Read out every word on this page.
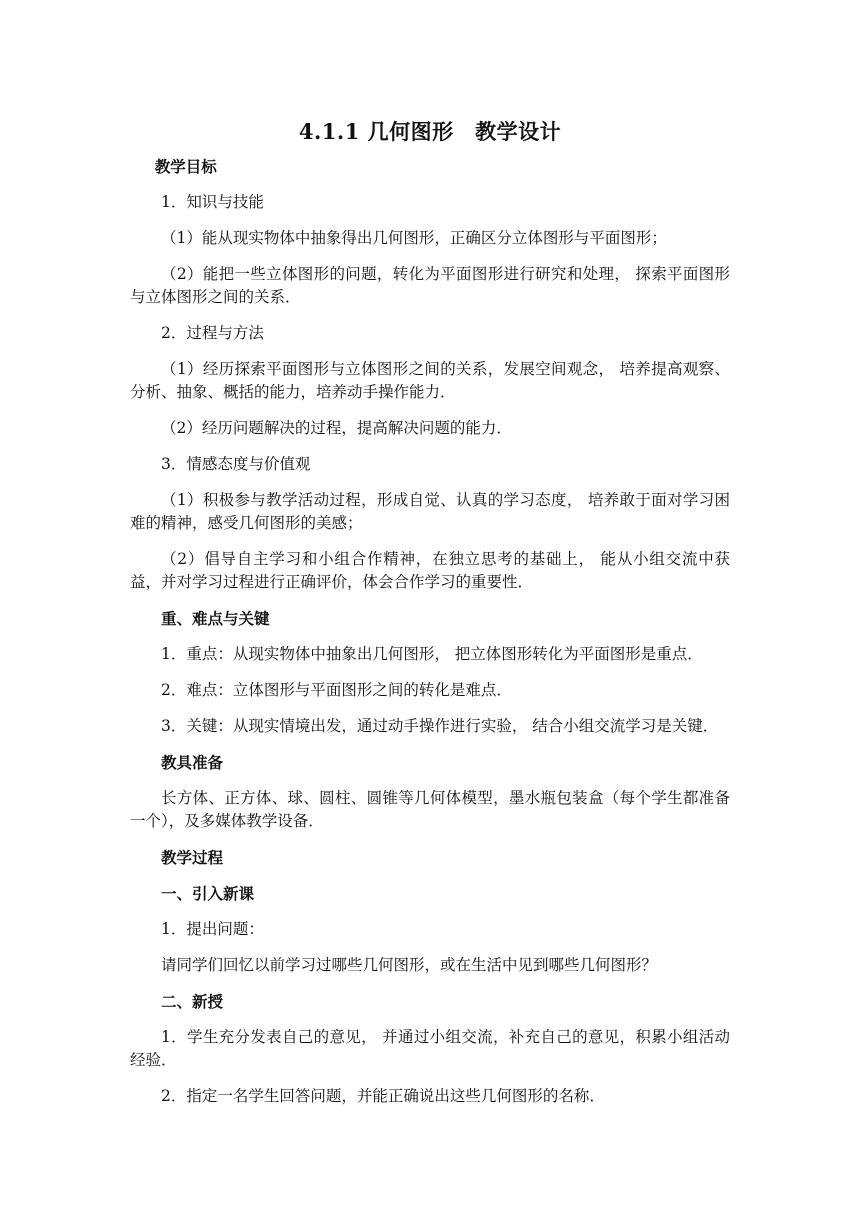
4.1.1 几何图形　教学设计
教学目标
1．知识与技能
（1）能从现实物体中抽象得出几何图形，正确区分立体图形与平面图形；
（2）能把一些立体图形的问题，转化为平面图形进行研究和处理， 探索平面图形与立体图形之间的关系．
2．过程与方法
（1）经历探索平面图形与立体图形之间的关系，发展空间观念， 培养提高观察、分析、抽象、概括的能力，培养动手操作能力．
（2）经历问题解决的过程，提高解决问题的能力．
3．情感态度与价值观
（1）积极参与教学活动过程，形成自觉、认真的学习态度， 培养敢于面对学习困难的精神，感受几何图形的美感；
（2）倡导自主学习和小组合作精神，在独立思考的基础上， 能从小组交流中获益，并对学习过程进行正确评价，体会合作学习的重要性．
重、难点与关键
1．重点：从现实物体中抽象出几何图形， 把立体图形转化为平面图形是重点．
2．难点：立体图形与平面图形之间的转化是难点．
3．关键：从现实情境出发，通过动手操作进行实验， 结合小组交流学习是关键．
教具准备
长方体、正方体、球、圆柱、圆锥等几何体模型，墨水瓶包装盒（每个学生都准备一个），及多媒体教学设备．
教学过程
一、引入新课
1．提出问题：
请同学们回忆以前学习过哪些几何图形，或在生活中见到哪些几何图形？
二、新授
1．学生充分发表自己的意见， 并通过小组交流，补充自己的意见，积累小组活动经验．
2．指定一名学生回答问题，并能正确说出这些几何图形的名称．
